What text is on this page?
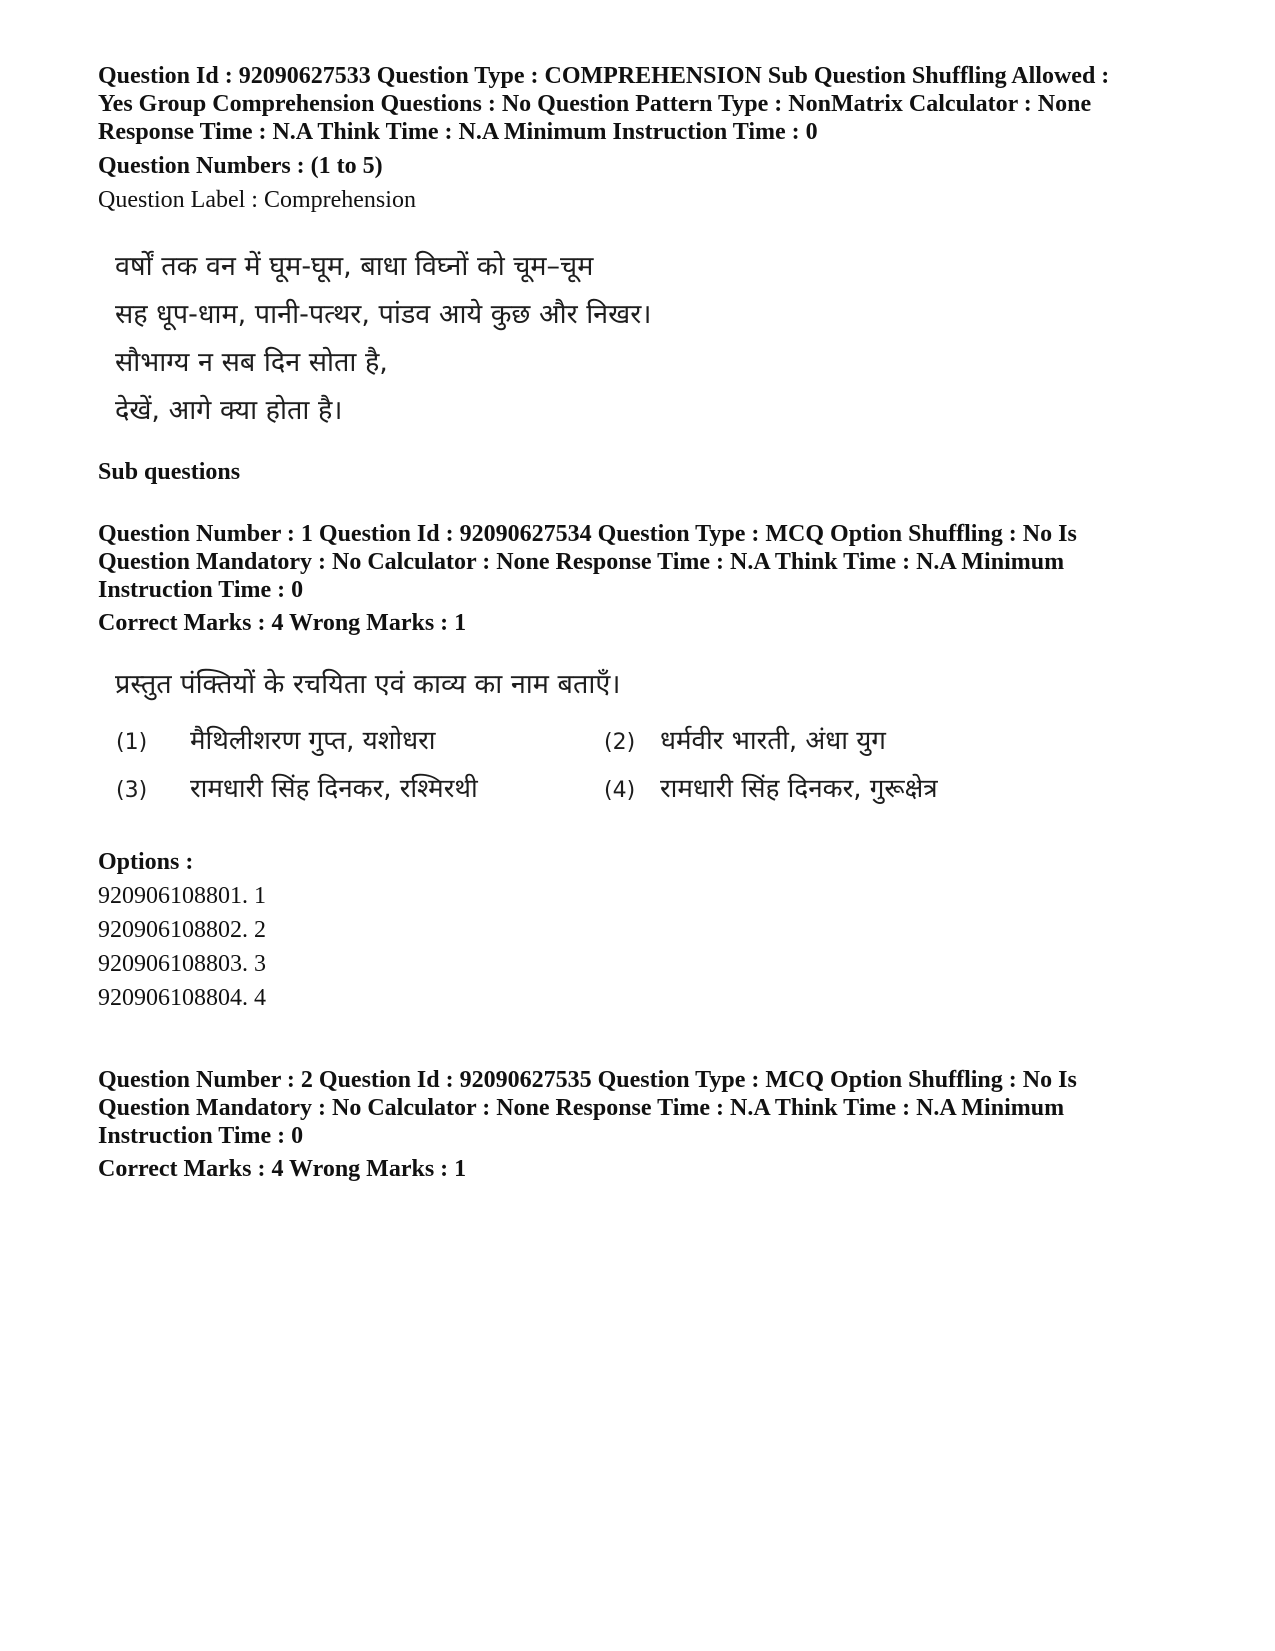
Question Id : 92090627533 Question Type : COMPREHENSION Sub Question Shuffling Allowed :
Yes Group Comprehension Questions : No Question Pattern Type : NonMatrix Calculator : None
Response Time : N.A Think Time : N.A Minimum Instruction Time : 0
Question Numbers : (1 to 5)
Question Label : Comprehension
वर्षों तक वन में घूम-घूम, बाधा विघ्नों को चूम–चूम
सह धूप-धाम, पानी-पत्थर, पांडव आये कुछ और निखर।
सौभाग्य न सब दिन सोता है,
देखें, आगे क्या होता है।
Sub questions
Question Number : 1 Question Id : 92090627534 Question Type : MCQ Option Shuffling : No Is
Question Mandatory : No Calculator : None Response Time : N.A Think Time : N.A Minimum
Instruction Time : 0
Correct Marks : 4 Wrong Marks : 1
प्रस्तुत पंक्तियों के रचयिता एवं काव्य का नाम बताएँ।
(1) मैथिलीशरण गुप्त, यशोधरा	(2) धर्मवीर भारती, अंधा युग
(3) रामधारी सिंह दिनकर, रश्मिरथी	(4) रामधारी सिंह दिनकर, गुरूक्षेत्र
Options :
920906108801. 1
920906108802. 2
920906108803. 3
920906108804. 4
Question Number : 2 Question Id : 92090627535 Question Type : MCQ Option Shuffling : No Is
Question Mandatory : No Calculator : None Response Time : N.A Think Time : N.A Minimum
Instruction Time : 0
Correct Marks : 4 Wrong Marks : 1
